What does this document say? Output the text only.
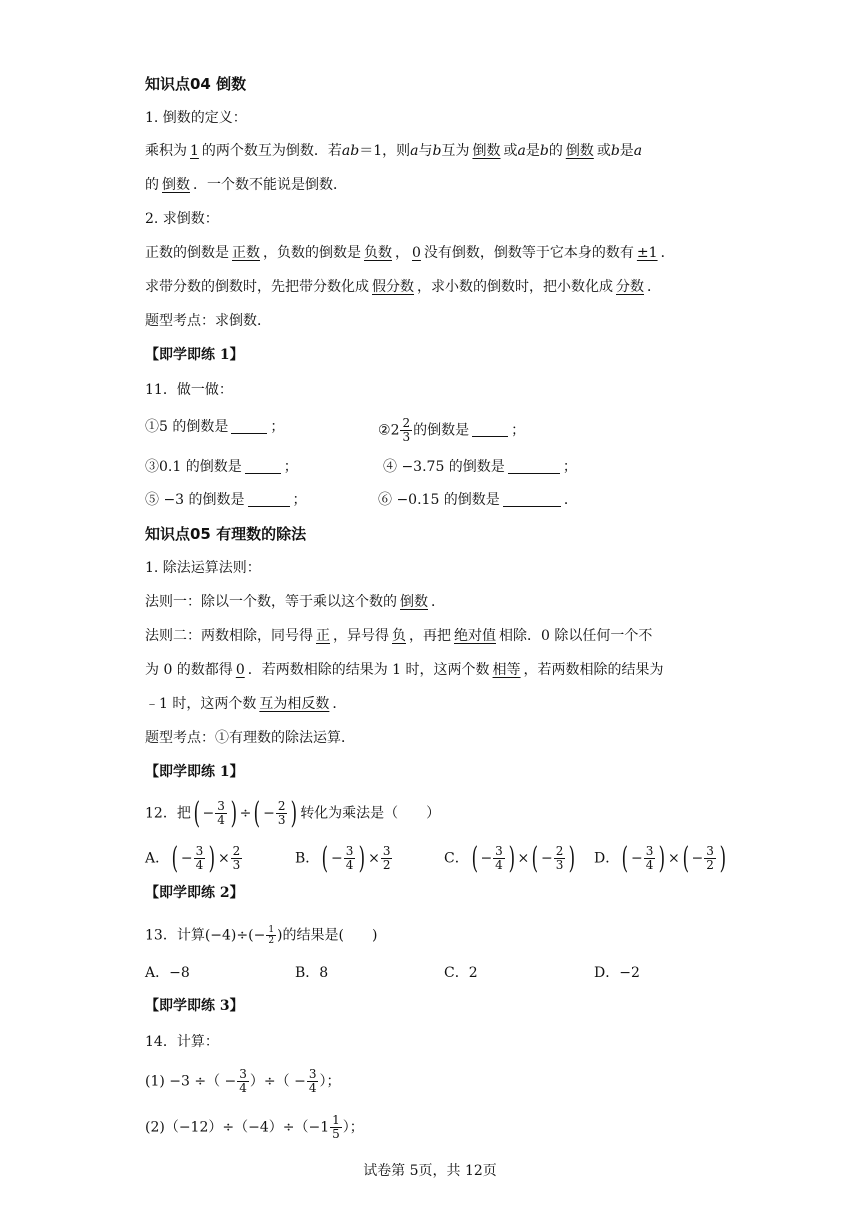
知识点04 倒数
1. 倒数的定义：
乘积为 1 的两个数互为倒数．若ab＝1，则a与b互为 倒数 或a是b的 倒数 或b是a
的 倒数 ．一个数不能说是倒数．
2. 求倒数：
正数的倒数是 正数 ，负数的倒数是 负数 ， 0 没有倒数，倒数等于它本身的数有 ±1 ．
求带分数的倒数时，先把带分数化成 假分数 ，求小数的倒数时，把小数化成 分数 ．
题型考点：求倒数．
【即学即练 1】
11．做一做：
①5 的倒数是	；	②2 $\frac{2}{3}$ 的倒数是	；
③0.1 的倒数是	；	④ −3.75 的倒数是	；
⑤ −3 的倒数是	；	⑥ −0.15 的倒数是	．
知识点05 有理数的除法
1. 除法运算法则：
法则一：除以一个数，等于乘以这个数的 倒数 ．
法则二：两数相除，同号得 正 ，异号得 负 ，再把 绝对值 相除．0 除以任何一个不
为 0 的数都得 0 ．若两数相除的结果为 1 时，这两个数 相等 ，若两数相除的结果为
﹣1 时，这两个数 互为相反数 ．
题型考点：①有理数的除法运算．
【即学即练 1】
12．把( − $\frac{3}{4}$ ) ÷( − $\frac{2}{3}$ ) 转化为乘法是（　　）
A．( − $\frac{3}{4}$ ) × $\frac{2}{3}$	B．( − $\frac{3}{4}$ ) × $\frac{3}{2}$	C．( − $\frac{3}{4}$ ) ×( − $\frac{2}{3}$ ) D．( − $\frac{3}{4}$ ) ×( − $\frac{3}{2}$ )
【即学即练 2】
13．计算$(-4)\div(- \frac{1}{2}$ )的结果是(　　)
A．−8	B．8	C．2	D．−2
【即学即练 3】
14．计算：
(1) −3 ÷（ − $\frac{3}{4}$ ）÷（ − $\frac{3}{4}$ ）；
$(2)(-12)\div(-4)\div(-1 \frac{1}{5}$ ）；
试卷第 5页，共 12页
